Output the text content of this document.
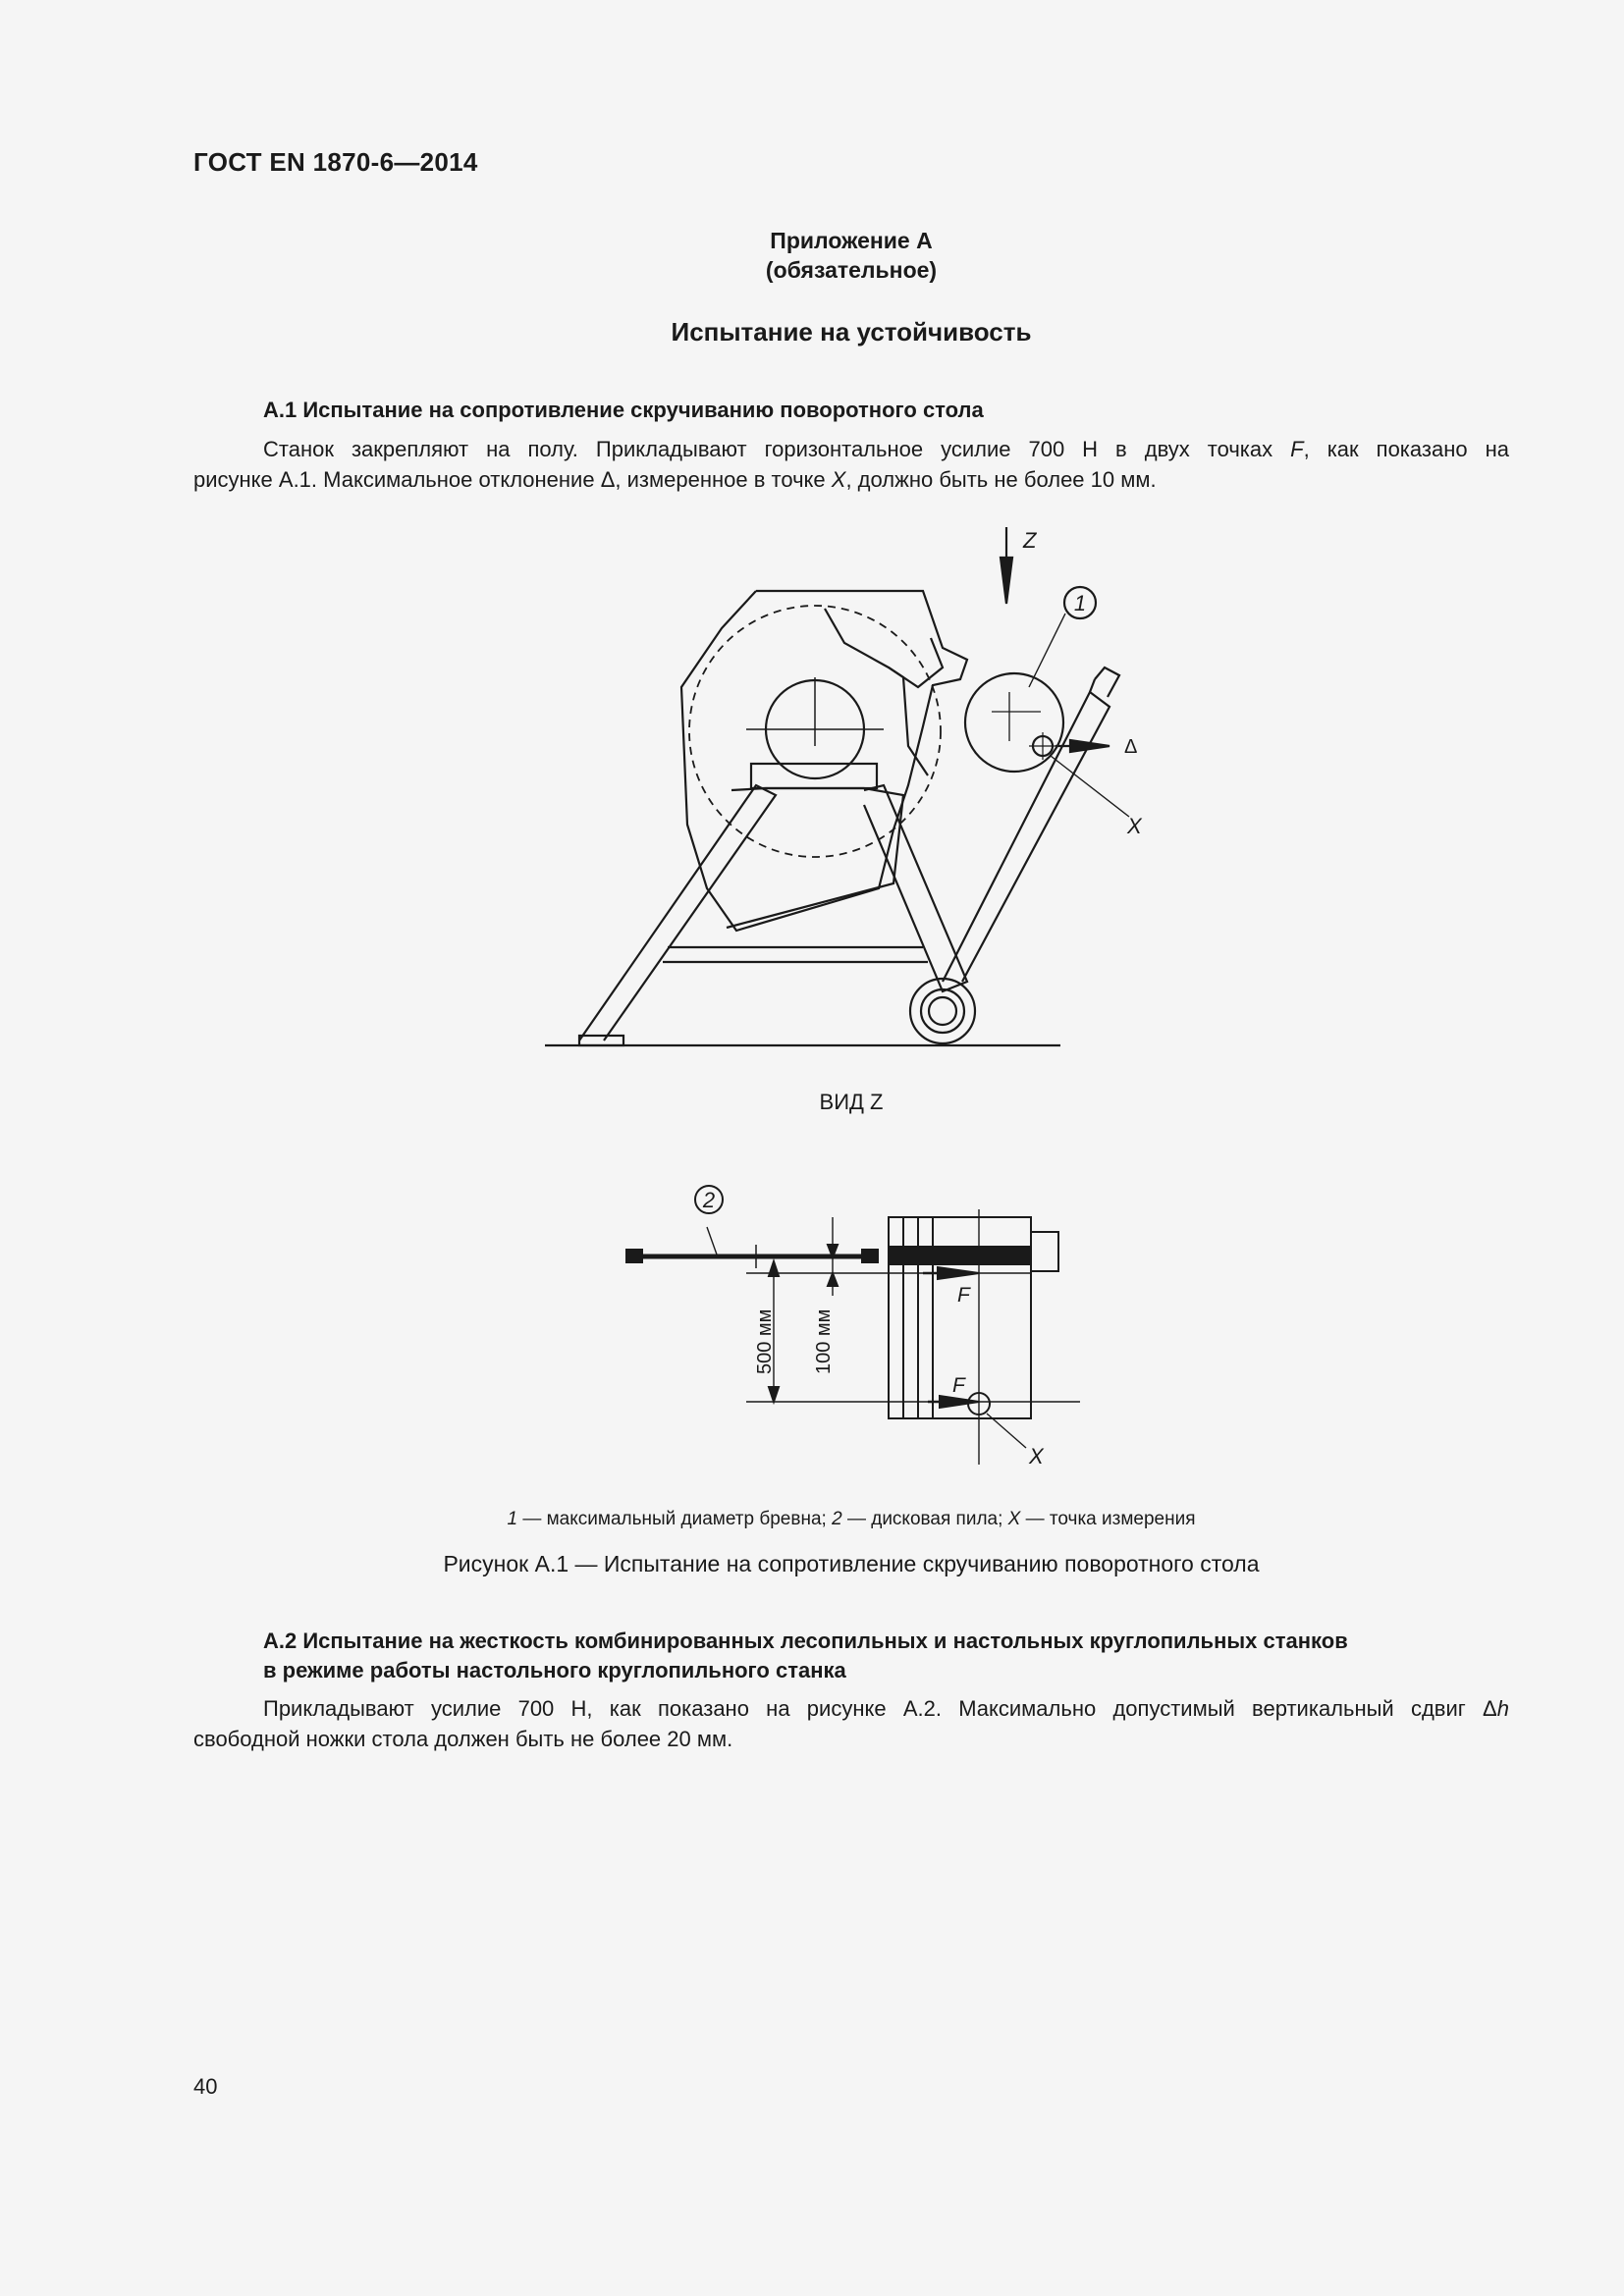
ГОСТ EN 1870-6—2014
Приложение А
(обязательное)
Испытание на устойчивость
А.1 Испытание на сопротивление скручиванию поворотного стола
Станок закрепляют на полу. Прикладывают горизонтальное усилие 700 Н в двух точках F, как показано на
рисунке А.1. Максимальное отклонение Δ, измеренное в точке X, должно быть не более 10 мм.
Z
1
Δ
X
ВИД Z
2
500 мм 100 мм
F
F
X
1 — максимальный диаметр бревна; 2 — дисковая пила; X — точка измерения
Рисунок А.1 — Испытание на сопротивление скручиванию поворотного стола
А.2 Испытание на жесткость комбинированных лесопильных и настольных круглопильных станков
в режиме работы настольного круглопильного станка
Прикладывают усилие 700 Н, как показано на рисунке А.2. Максимально допустимый вертикальный сдвиг Δh
свободной ножки стола должен быть не более 20 мм.
40
